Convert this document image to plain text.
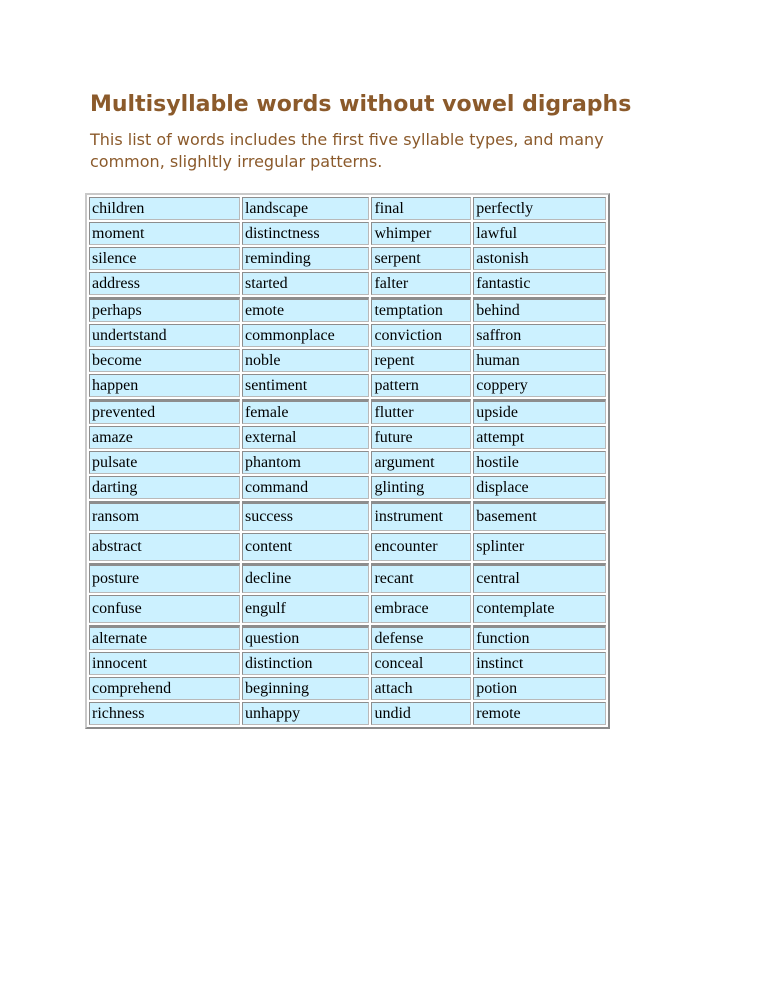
Multisyllable words without vowel digraphs

This list of words includes the first five syllable types, and many common, slighltly irregular patterns.

children	landscape	final	perfectly
moment	distinctness	whimper	lawful
silence	reminding	serpent	astonish
address	started	falter	fantastic
perhaps	emote	temptation	behind
undertstand	commonplace	conviction	saffron
become	noble	repent	human
happen	sentiment	pattern	coppery
prevented	female	flutter	upside
amaze	external	future	attempt
pulsate	phantom	argument	hostile
darting	command	glinting	displace
ransom	success	instrument	basement
abstract	content	encounter	splinter
posture	decline	recant	central
confuse	engulf	embrace	contemplate
alternate	question	defense	function
innocent	distinction	conceal	instinct
comprehend	beginning	attach	potion
richness	unhappy	undid	remote
